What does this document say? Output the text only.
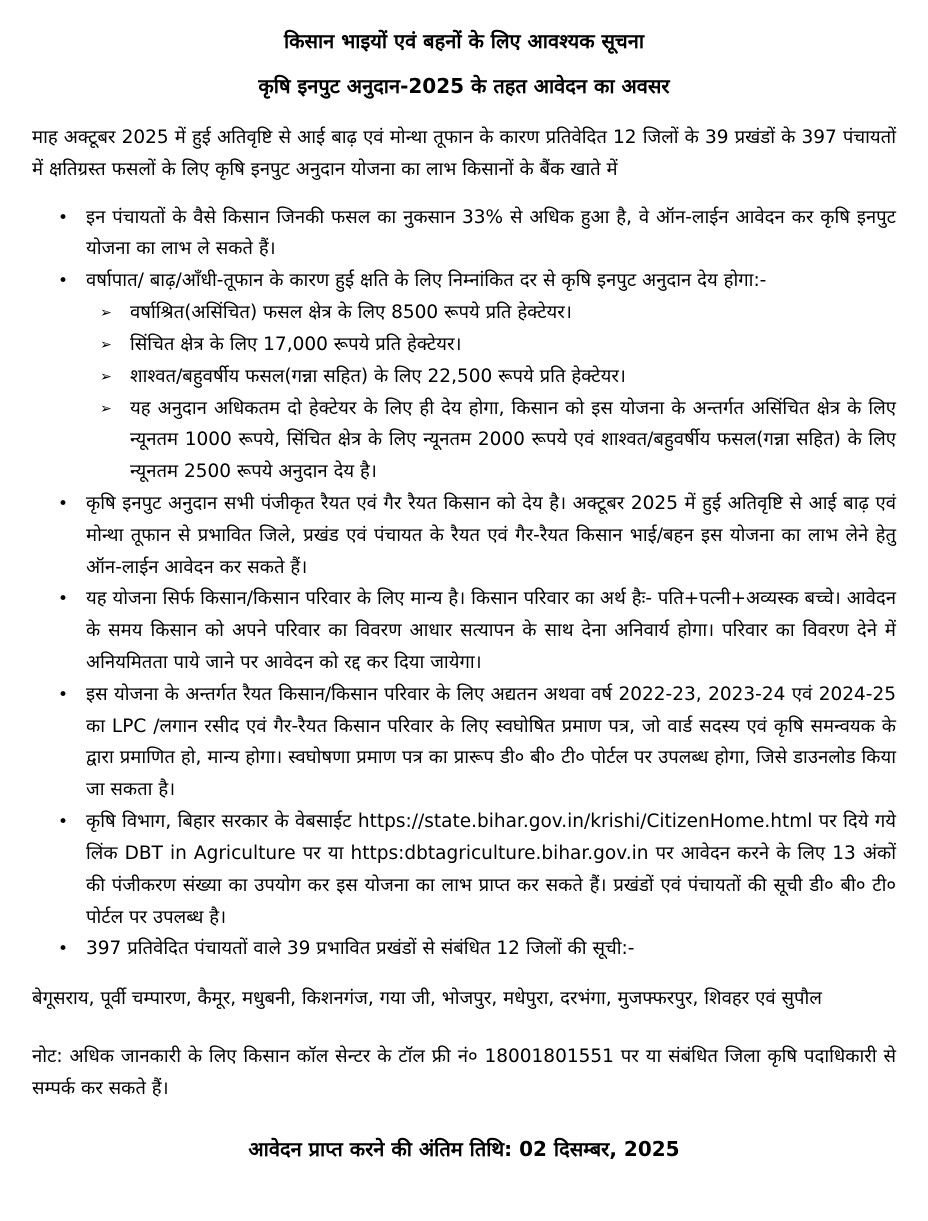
किसान भाइयों एवं बहनों के लिए आवश्यक सूचना
कृषि इनपुट अनुदान-2025 के तहत आवेदन का अवसर

माह अक्टूबर 2025 में हुई अतिवृष्टि से आई बाढ़ एवं मोन्था तूफान के कारण प्रतिवेदित 12 जिलों के 39 प्रखंडों के 397 पंचायतों में क्षतिग्रस्त फसलों के लिए कृषि इनपुट अनुदान योजना का लाभ किसानों के बैंक खाते में

• इन पंचायतों के वैसे किसान जिनकी फसल का नुकसान 33% से अधिक हुआ है, वे ऑन-लाईन आवेदन कर कृषि इनपुट योजना का लाभ ले सकते हैं।
• वर्षापात/ बाढ़/आँधी-तूफान के कारण हुई क्षति के लिए निम्नांकित दर से कृषि इनपुट अनुदान देय होगा:-
➢ वर्षाश्रित(असिंचित) फसल क्षेत्र के लिए 8500 रूपये प्रति हेक्टेयर।
➢ सिंचित क्षेत्र के लिए 17,000 रूपये प्रति हेक्टेयर।
➢ शाश्वत/बहुवर्षीय फसल(गन्ना सहित) के लिए 22,500 रूपये प्रति हेक्टेयर।
➢ यह अनुदान अधिकतम दो हेक्टेयर के लिए ही देय होगा, किसान को इस योजना के अन्तर्गत असिंचित क्षेत्र के लिए न्यूनतम 1000 रूपये, सिंचित क्षेत्र के लिए न्यूनतम 2000 रूपये एवं शाश्वत/बहुवर्षीय फसल(गन्ना सहित) के लिए न्यूनतम 2500 रूपये अनुदान देय है।
• कृषि इनपुट अनुदान सभी पंजीकृत रैयत एवं गैर रैयत किसान को देय है। अक्टूबर 2025 में हुई अतिवृष्टि से आई बाढ़ एवं मोन्था तूफान से प्रभावित जिले, प्रखंड एवं पंचायत के रैयत एवं गैर-रैयत किसान भाई/बहन इस योजना का लाभ लेने हेतु ऑन-लाईन आवेदन कर सकते हैं।
• यह योजना सिर्फ किसान/किसान परिवार के लिए मान्य है। किसान परिवार का अर्थ हैः- पति+पत्नी+अव्यस्क बच्चे। आवेदन के समय किसान को अपने परिवार का विवरण आधार सत्यापन के साथ देना अनिवार्य होगा। परिवार का विवरण देने में अनियमितता पाये जाने पर आवेदन को रद्द कर दिया जायेगा।
• इस योजना के अन्तर्गत रैयत किसान/किसान परिवार के लिए अद्यतन अथवा वर्ष 2022-23, 2023-24 एवं 2024-25 का LPC /लगान रसीद एवं गैर-रैयत किसान परिवार के लिए स्वघोषित प्रमाण पत्र, जो वार्ड सदस्य एवं कृषि समन्वयक के द्वारा प्रमाणित हो, मान्य होगा। स्वघोषणा प्रमाण पत्र का प्रारूप डी० बी० टी० पोर्टल पर उपलब्ध होगा, जिसे डाउनलोड किया जा सकता है।
• कृषि विभाग, बिहार सरकार के वेबसाईट https://state.bihar.gov.in/krishi/CitizenHome.html पर दिये गये लिंक DBT in Agriculture पर या https:dbtagriculture.bihar.gov.in पर आवेदन करने के लिए 13 अंकों की पंजीकरण संख्या का उपयोग कर इस योजना का लाभ प्राप्त कर सकते हैं। प्रखंडों एवं पंचायतों की सूची डी० बी० टी० पोर्टल पर उपलब्ध है।
• 397 प्रतिवेदित पंचायतों वाले 39 प्रभावित प्रखंडों से संबंधित 12 जिलों की सूची:-

बेगूसराय, पूर्वी चम्पारण, कैमूर, मधुबनी, किशनगंज, गया जी, भोजपुर, मधेपुरा, दरभंगा, मुजफ्फरपुर, शिवहर एवं सुपौल

नोट: अधिक जानकारी के लिए किसान कॉल सेन्टर के टॉल फ्री नं० 18001801551 पर या संबंधित जिला कृषि पदाधिकारी से सम्पर्क कर सकते हैं।

आवेदन प्राप्त करने की अंतिम तिथि: 02 दिसम्बर, 2025
